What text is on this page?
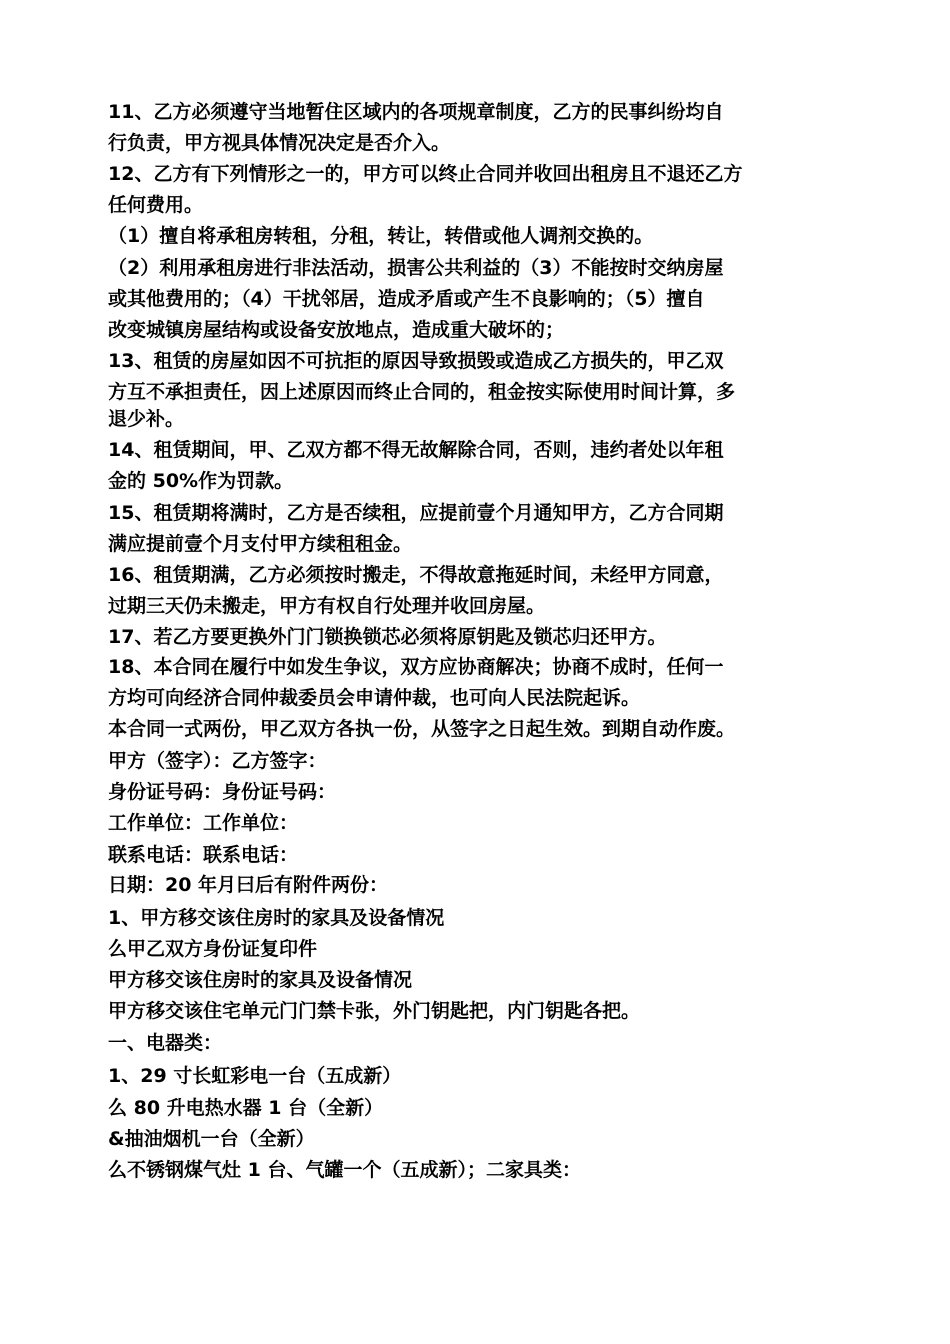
11、乙方必须遵守当地暂住区域内的各项规章制度，乙方的民事纠纷均自
行负责，甲方视具体情况决定是否介入。
12、乙方有下列情形之一的，甲方可以终止合同并收回出租房且不退还乙方
任何费用。
（1）擅自将承租房转租，分租，转让，转借或他人调剂交换的。
（2）利用承租房进行非法活动，损害公共利益的（3）不能按时交纳房屋
或其他费用的；（4）干扰邻居，造成矛盾或产生不良影响的；（5）擅自
改变城镇房屋结构或设备安放地点，造成重大破坏的；
13、租赁的房屋如因不可抗拒的原因导致损毁或造成乙方损失的，甲乙双
方互不承担责任，因上述原因而终止合同的，租金按实际使用时间计算，多
退少补。
14、租赁期间，甲、乙双方都不得无故解除合同，否则，违约者处以年租
金的 50%作为罚款。
15、租赁期将满时，乙方是否续租，应提前壹个月通知甲方，乙方合同期
满应提前壹个月支付甲方续租租金。
16、租赁期满，乙方必须按时搬走，不得故意拖延时间，未经甲方同意，
过期三天仍未搬走，甲方有权自行处理并收回房屋。
17、若乙方要更换外门门锁换锁芯必须将原钥匙及锁芯归还甲方。
18、本合同在履行中如发生争议，双方应协商解决；协商不成时，任何一
方均可向经济合同仲裁委员会申请仲裁，也可向人民法院起诉。
本合同一式两份，甲乙双方各执一份，从签字之日起生效。到期自动作废。
甲方（签字）：乙方签字：
身份证号码：身份证号码：
工作单位：工作单位：
联系电话：联系电话：
日期：20 年月曰后有附件两份：
1、甲方移交该住房时的家具及设备情况
么甲乙双方身份证复印件
甲方移交该住房时的家具及设备情况
甲方移交该住宅单元门门禁卡张，外门钥匙把，内门钥匙各把。
一、电器类：
1、29 寸长虹彩电一台（五成新）
么 80 升电热水器 1 台（全新）
&抽油烟机一台（全新）
么不锈钢煤气灶 1 台、气罐一个（五成新）；二家具类：
